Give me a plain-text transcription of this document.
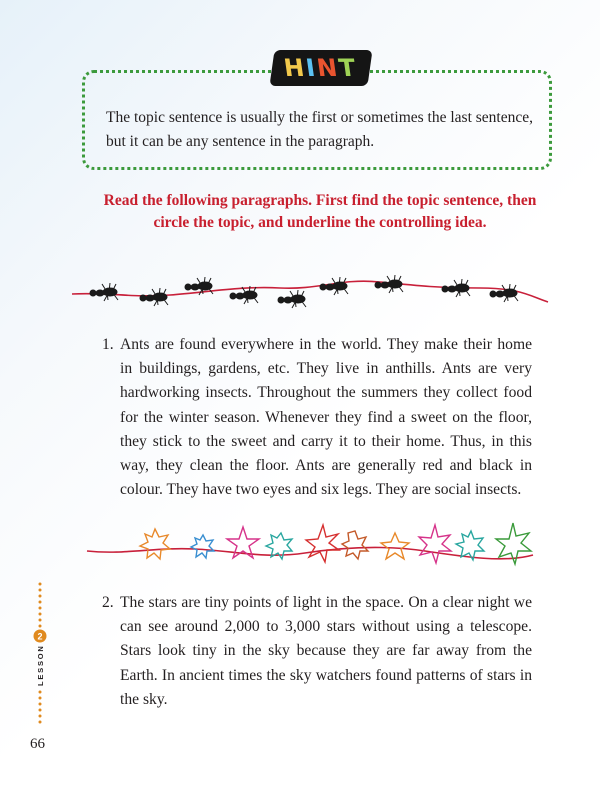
HINT

The topic sentence is usually the first or sometimes the last sentence, but it can be any sentence in the paragraph.

Read the following paragraphs. First find the topic sentence, then circle the topic, and underline the controlling idea.

1. Ants are found everywhere in the world. They make their home in buildings, gardens, etc. They live in anthills. Ants are very hardworking insects. Throughout the summers they collect food for the winter season. Whenever they find a sweet on the floor, they stick to the sweet and carry it to their home. Thus, in this way, they clean the floor. Ants are generally red and black in colour. They have two eyes and six legs. They are social insects.

2. The stars are tiny points of light in the space. On a clear night we can see around 2,000 to 3,000 stars without using a telescope. Stars look tiny in the sky because they are far away from the Earth. In ancient times the sky watchers found patterns of stars in the sky.

2
LESSON

66
